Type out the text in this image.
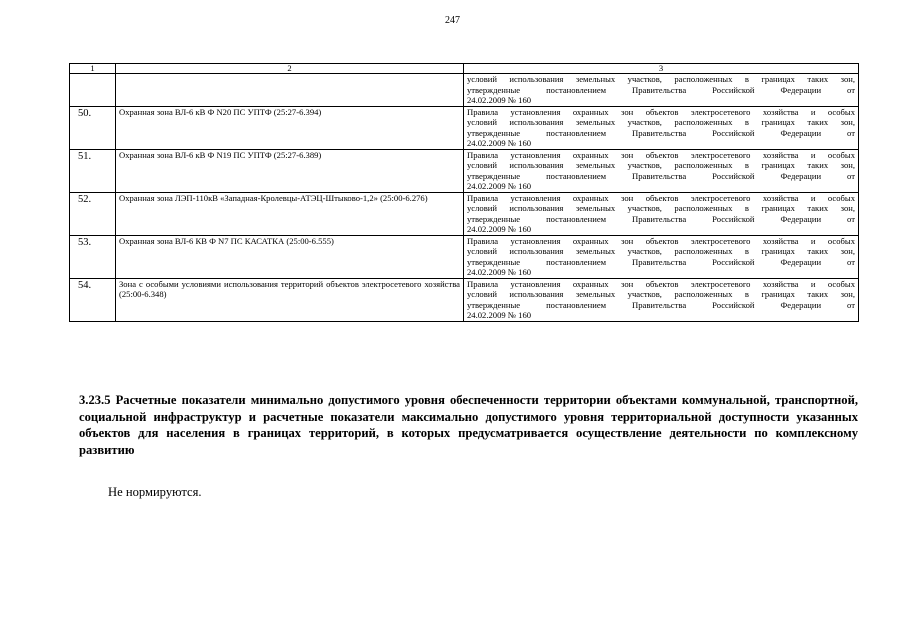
247
1	2	3

		условий использования земельных участков, расположенных в границах таких зон,
утвержденные постановлением Правительства Российской Федерации от
24.02.2009 № 160

50.	Охранная зона ВЛ-6 кВ Ф N20 ПС УПТФ (25:27-6.394)	Правила установления охранных зон объектов электросетевого хозяйства и особых
условий использования земельных участков, расположенных в границах таких зон,
утвержденные постановлением Правительства Российской Федерации от
24.02.2009 № 160

51.	Охранная зона ВЛ-6 кВ Ф N19 ПС УПТФ (25:27-6.389)	Правила установления охранных зон объектов электросетевого хозяйства и особых
условий использования земельных участков, расположенных в границах таких зон,
утвержденные постановлением Правительства Российской Федерации от
24.02.2009 № 160

52.	Охранная зона ЛЭП-110кВ «Западная-Кролевцы-АТЭЦ-Штыково-1,2» (25:00-6.276)	Правила установления охранных зон объектов электросетевого хозяйства и особых
условий использования земельных участков, расположенных в границах таких зон,
утвержденные постановлением Правительства Российской Федерации от
24.02.2009 № 160

53.	Охранная зона ВЛ-6 КВ Ф N7 ПС КАСАТКА (25:00-6.555)	Правила установления охранных зон объектов электросетевого хозяйства и особых
условий использования земельных участков, расположенных в границах таких зон,
утвержденные постановлением Правительства Российской Федерации от
24.02.2009 № 160

54.	Зона с особыми условиями использования территорий объектов электросетевого хозяйства (25:00-6.348)	Правила установления охранных зон объектов электросетевого хозяйства и особых
условий использования земельных участков, расположенных в границах таких зон,
утвержденные постановлением Правительства Российской Федерации от
24.02.2009 № 160

3.23.5 Расчетные показатели минимально допустимого уровня обеспеченности территории объектами коммунальной, транспортной, социальной инфраструктур и расчетные показатели максимально допустимого уровня территориальной доступности указанных объектов для населения в границах территорий, в которых предусматривается осуществление деятельности по комплексному развитию

Не нормируются.
